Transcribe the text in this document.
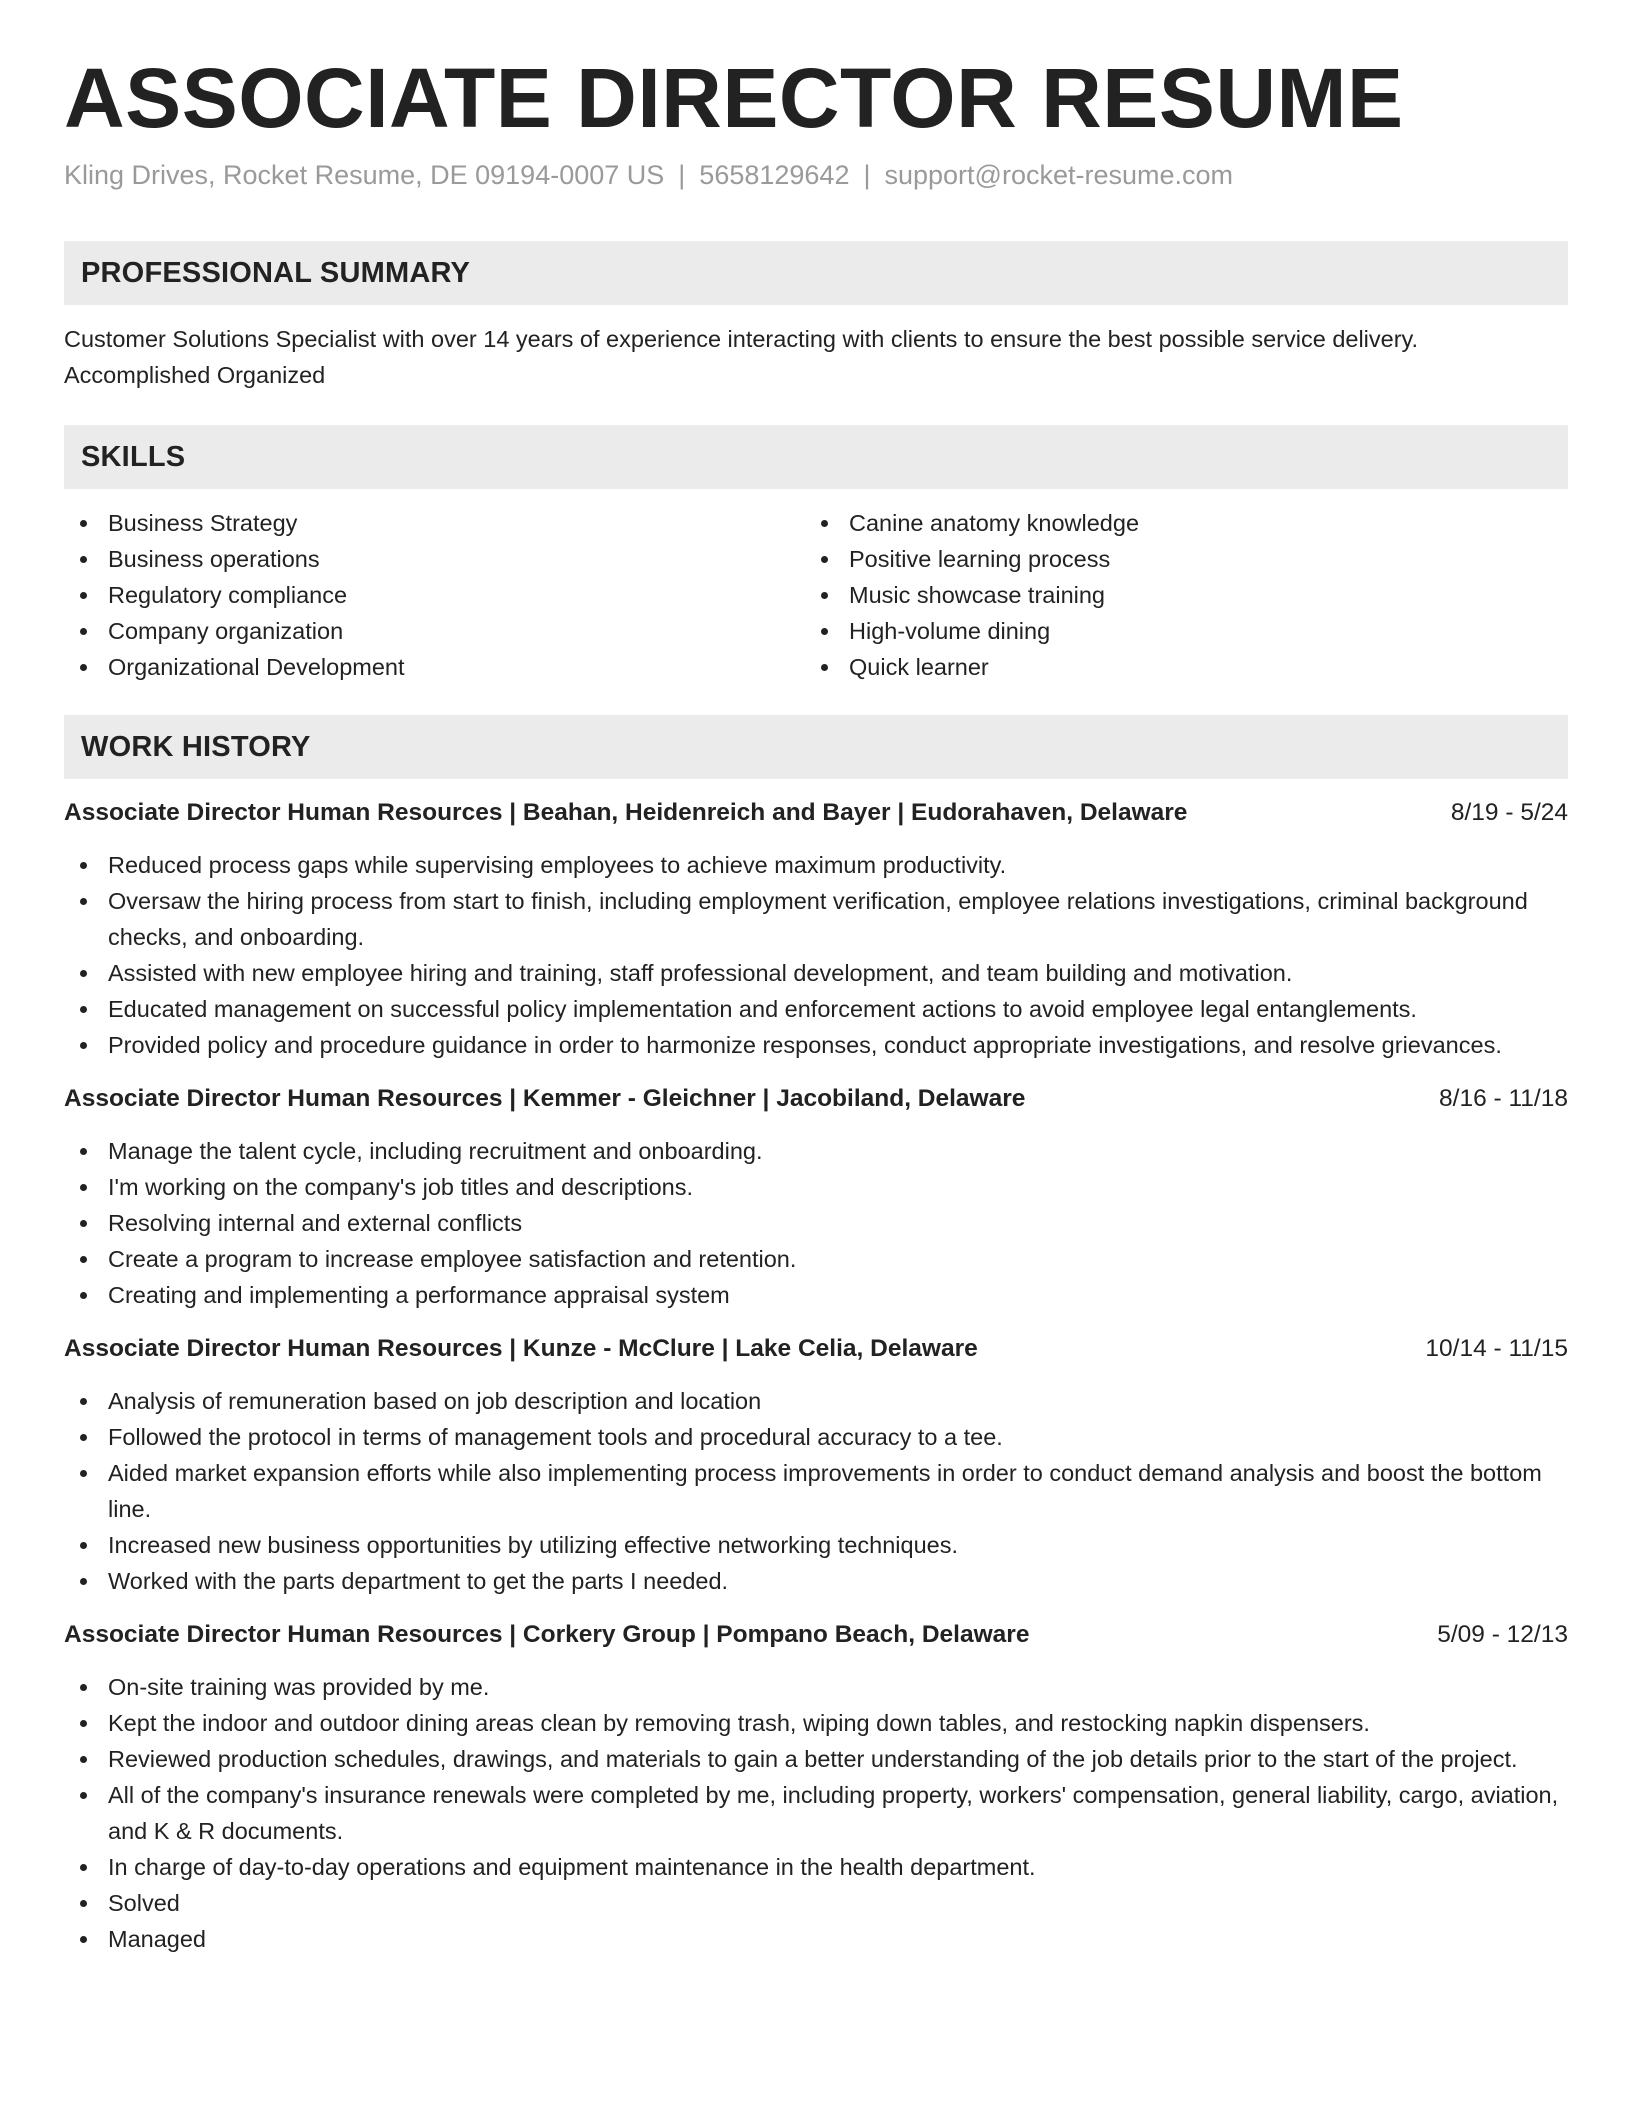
ASSOCIATE DIRECTOR RESUME
Kling Drives, Rocket Resume, DE 09194-0007 US | 5658129642 | support@rocket-resume.com
PROFESSIONAL SUMMARY
Customer Solutions Specialist with over 14 years of experience interacting with clients to ensure the best possible service delivery.
Accomplished Organized
SKILLS
Business Strategy
Business operations
Regulatory compliance
Company organization
Organizational Development
Canine anatomy knowledge
Positive learning process
Music showcase training
High-volume dining
Quick learner
WORK HISTORY
Associate Director Human Resources | Beahan, Heidenreich and Bayer | Eudorahaven, Delaware	8/19 - 5/24
Reduced process gaps while supervising employees to achieve maximum productivity.
Oversaw the hiring process from start to finish, including employment verification, employee relations investigations, criminal background checks, and onboarding.
Assisted with new employee hiring and training, staff professional development, and team building and motivation.
Educated management on successful policy implementation and enforcement actions to avoid employee legal entanglements.
Provided policy and procedure guidance in order to harmonize responses, conduct appropriate investigations, and resolve grievances.
Associate Director Human Resources | Kemmer - Gleichner | Jacobiland, Delaware	8/16 - 11/18
Manage the talent cycle, including recruitment and onboarding.
I'm working on the company's job titles and descriptions.
Resolving internal and external conflicts
Create a program to increase employee satisfaction and retention.
Creating and implementing a performance appraisal system
Associate Director Human Resources | Kunze - McClure | Lake Celia, Delaware	10/14 - 11/15
Analysis of remuneration based on job description and location
Followed the protocol in terms of management tools and procedural accuracy to a tee.
Aided market expansion efforts while also implementing process improvements in order to conduct demand analysis and boost the bottom line.
Increased new business opportunities by utilizing effective networking techniques.
Worked with the parts department to get the parts I needed.
Associate Director Human Resources | Corkery Group | Pompano Beach, Delaware	5/09 - 12/13
On-site training was provided by me.
Kept the indoor and outdoor dining areas clean by removing trash, wiping down tables, and restocking napkin dispensers.
Reviewed production schedules, drawings, and materials to gain a better understanding of the job details prior to the start of the project.
All of the company's insurance renewals were completed by me, including property, workers' compensation, general liability, cargo, aviation, and K & R documents.
In charge of day-to-day operations and equipment maintenance in the health department.
Solved
Managed
